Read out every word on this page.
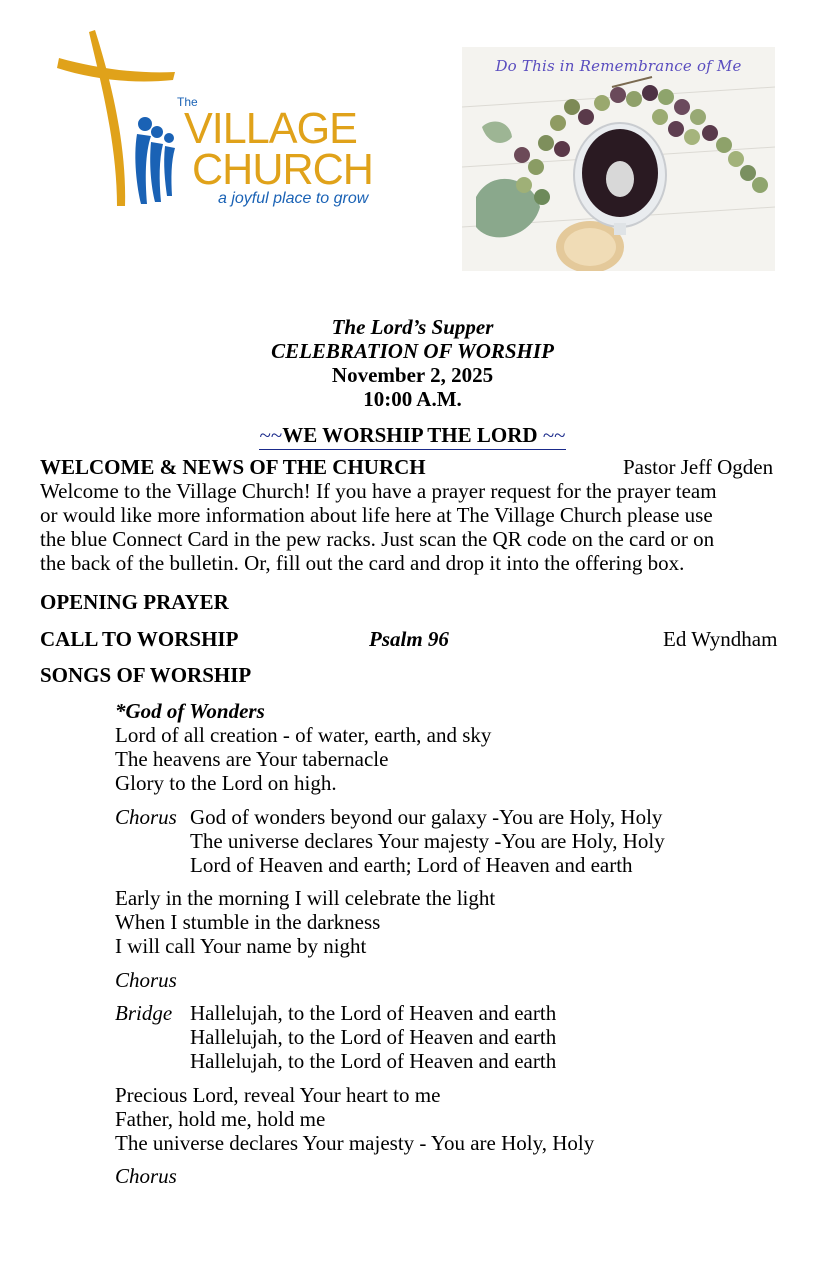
The
VILLAGE
CHURCH
a joyful place to grow
Do This in Remembrance of Me
The Lord’s Supper
CELEBRATION OF WORSHIP
November 2, 2025
10:00 A.M.
~~WE WORSHIP THE LORD ~~
WELCOME & NEWS OF THE CHURCH	Pastor Jeff Ogden
Welcome to the Village Church! If you have a prayer request for the prayer team
or would like more information about life here at The Village Church please use
the blue Connect Card in the pew racks. Just scan the QR code on the card or on
the back of the bulletin. Or, fill out the card and drop it into the offering box.
OPENING PRAYER
CALL TO WORSHIP	Psalm 96	Ed Wyndham
SONGS OF WORSHIP
*God of Wonders
Lord of all creation - of water, earth, and sky
The heavens are Your tabernacle
Glory to the Lord on high.
Chorus God of wonders beyond our galaxy -You are Holy, Holy
The universe declares Your majesty -You are Holy, Holy
Lord of Heaven and earth; Lord of Heaven and earth
Early in the morning I will celebrate the light
When I stumble in the darkness
I will call Your name by night
Chorus
Bridge Hallelujah, to the Lord of Heaven and earth
Hallelujah, to the Lord of Heaven and earth
Hallelujah, to the Lord of Heaven and earth
Precious Lord, reveal Your heart to me
Father, hold me, hold me
The universe declares Your majesty - You are Holy, Holy
Chorus
